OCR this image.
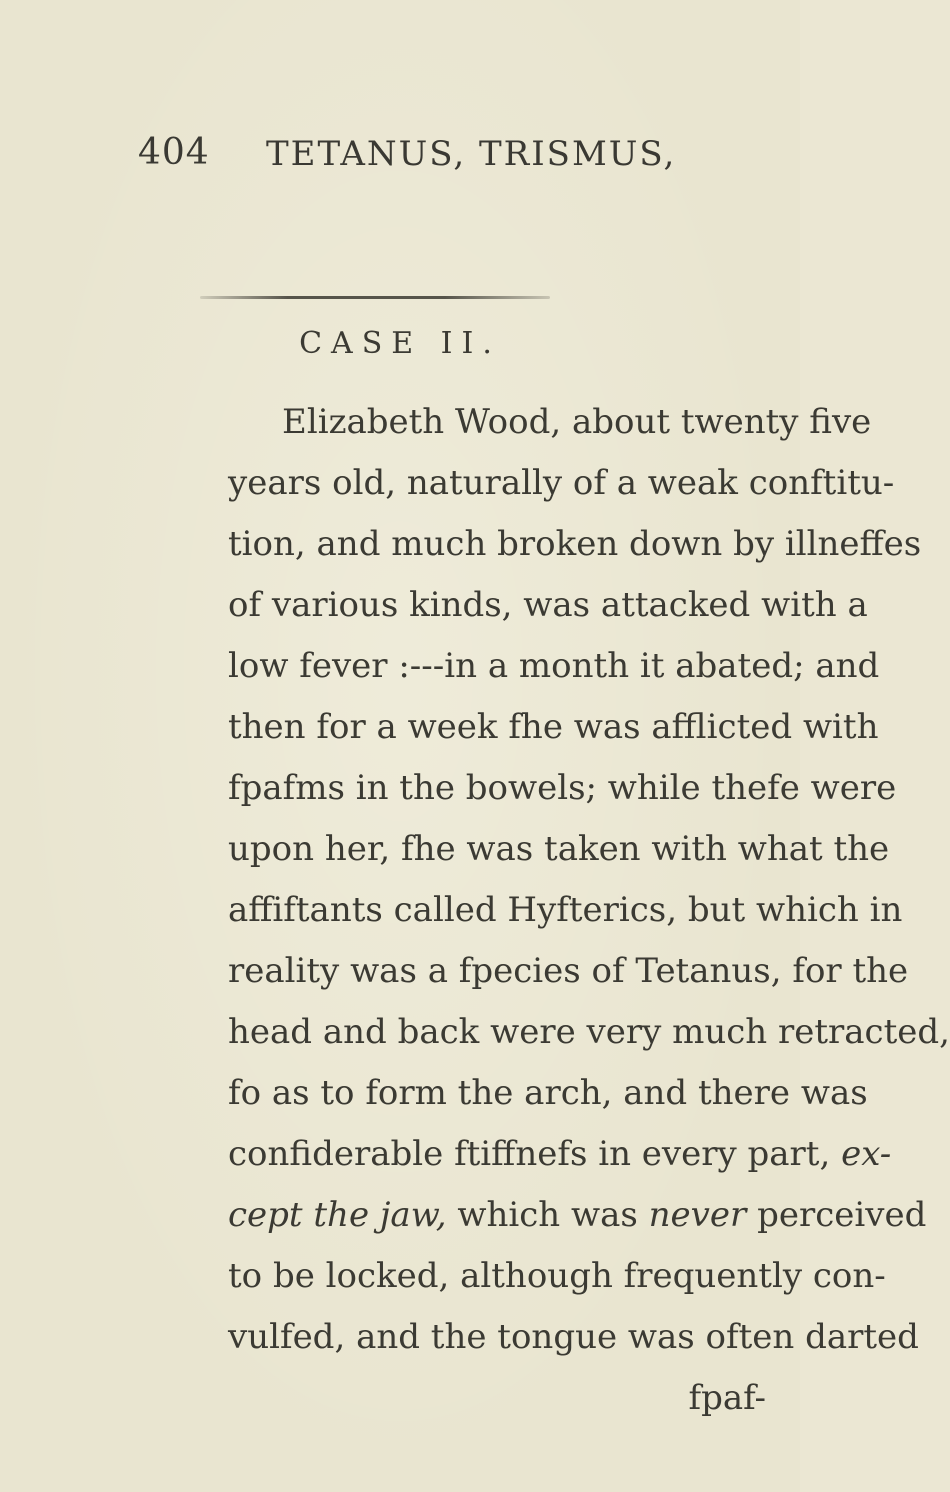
404 TETANUS, TRISMUS,
CASE II.
Elizabeth Wood, about twenty five
years old, naturally of a weak conftitu-
tion, and much broken down by illneffes
of various kinds, was attacked with a
low fever :---in a month it abated; and
then for a week fhe was afflicted with
fpafms in the bowels; while thefe were
upon her, fhe was taken with what the
affiftants called Hyfterics, but which in
reality was a fpecies of Tetanus, for the
head and back were very much retracted,
fo as to form the arch, and there was
confiderable ftiffnefs in every part, ex-
cept the jaw, which was never perceived
to be locked, although frequently con-
vulfed, and the tongue was often darted
fpaf-
